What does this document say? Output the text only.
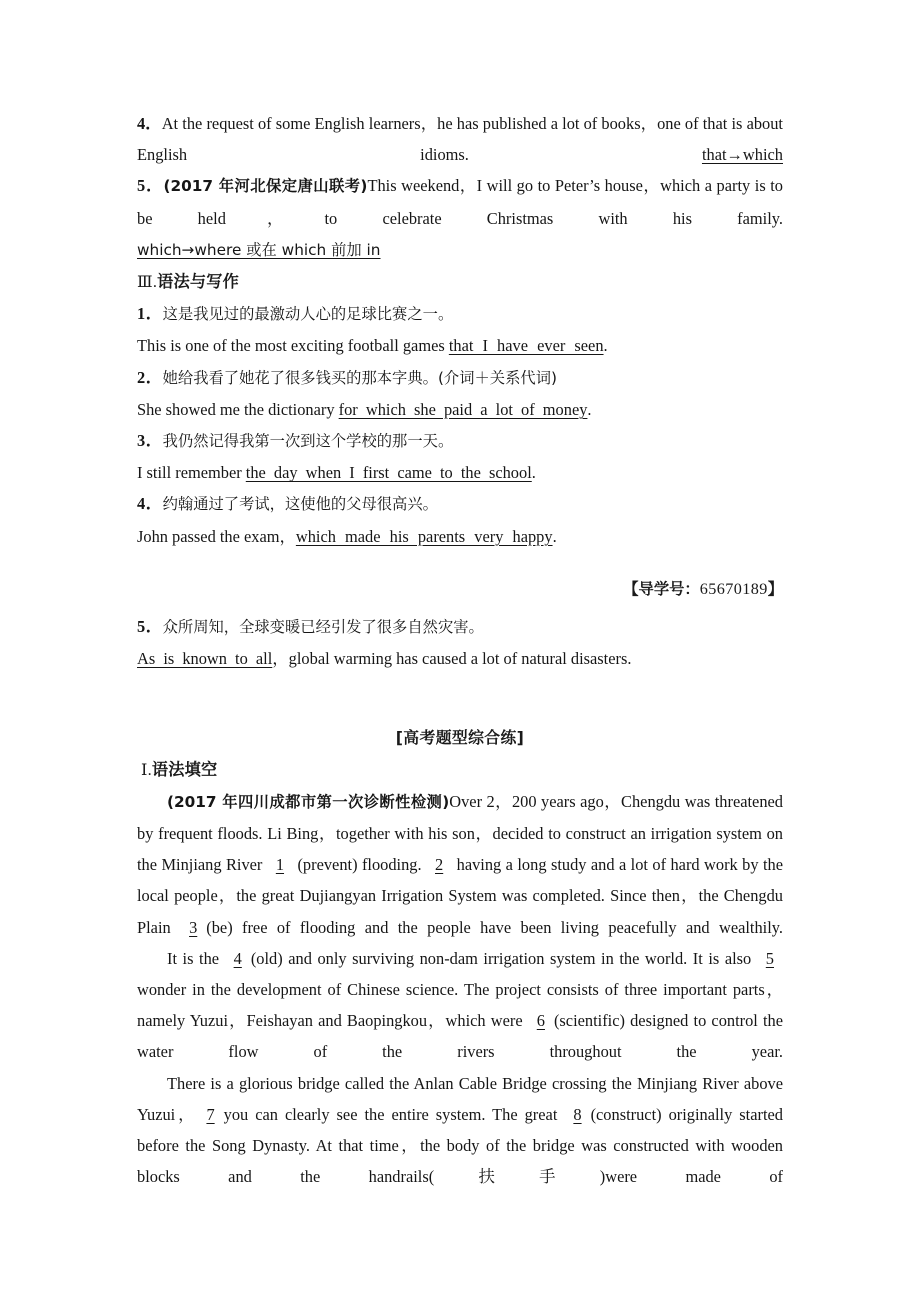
4．At the request of some English learners，he has published a lot of books，one of that is about English idioms. that→which

5．(2017 年河北保定唐山联考)This weekend，I will go to Peter’s house，which a party is to be held，to celebrate Christmas with his family.

which→where 或在 which 前加 in

Ⅲ.语法与写作

1．这是我见过的最激动人心的足球比赛之一。

This is one of the most exciting football games that I have ever seen.

2．她给我看了她花了很多钱买的那本字典。(介词＋关系代词)

She showed me the dictionary for which she paid a lot of money.

3．我仍然记得我第一次到这个学校的那一天。

I still remember the day when I first came to the school.

4．约翰通过了考试，这使他的父母很高兴。

John passed the exam，which made his parents very happy.

【导学号：65670189】

5．众所周知，全球变暖已经引发了很多自然灾害。

As is known to all，global warming has caused a lot of natural disasters.

[高考题型综合练]

Ⅰ.语法填空

(2017 年四川成都市第一次诊断性检测)Over 2，200 years ago，Chengdu was threatened by frequent floods. Li Bing，together with his son，decided to construct an irrigation system on the Minjiang River 1 (prevent) flooding. 2 having a long study and a lot of hard work by the local people，the great Dujiangyan Irrigation System was completed. Since then，the Chengdu Plain 3 (be) free of flooding and the people have been living peacefully and wealthily.

It is the 4 (old) and only surviving non-dam irrigation system in the world. It is also 5 wonder in the development of Chinese science. The project consists of three important parts，namely Yuzui，Feishayan and Baopingkou，which were 6 (scientific) designed to control the water flow of the rivers throughout the year.

There is a glorious bridge called the Anlan Cable Bridge crossing the Minjiang River above Yuzui， 7 you can clearly see the entire system. The great 8 (construct) originally started before the Song Dynasty. At that time，the body of the bridge was constructed with wooden blocks and the handrails(扶手)were made of
